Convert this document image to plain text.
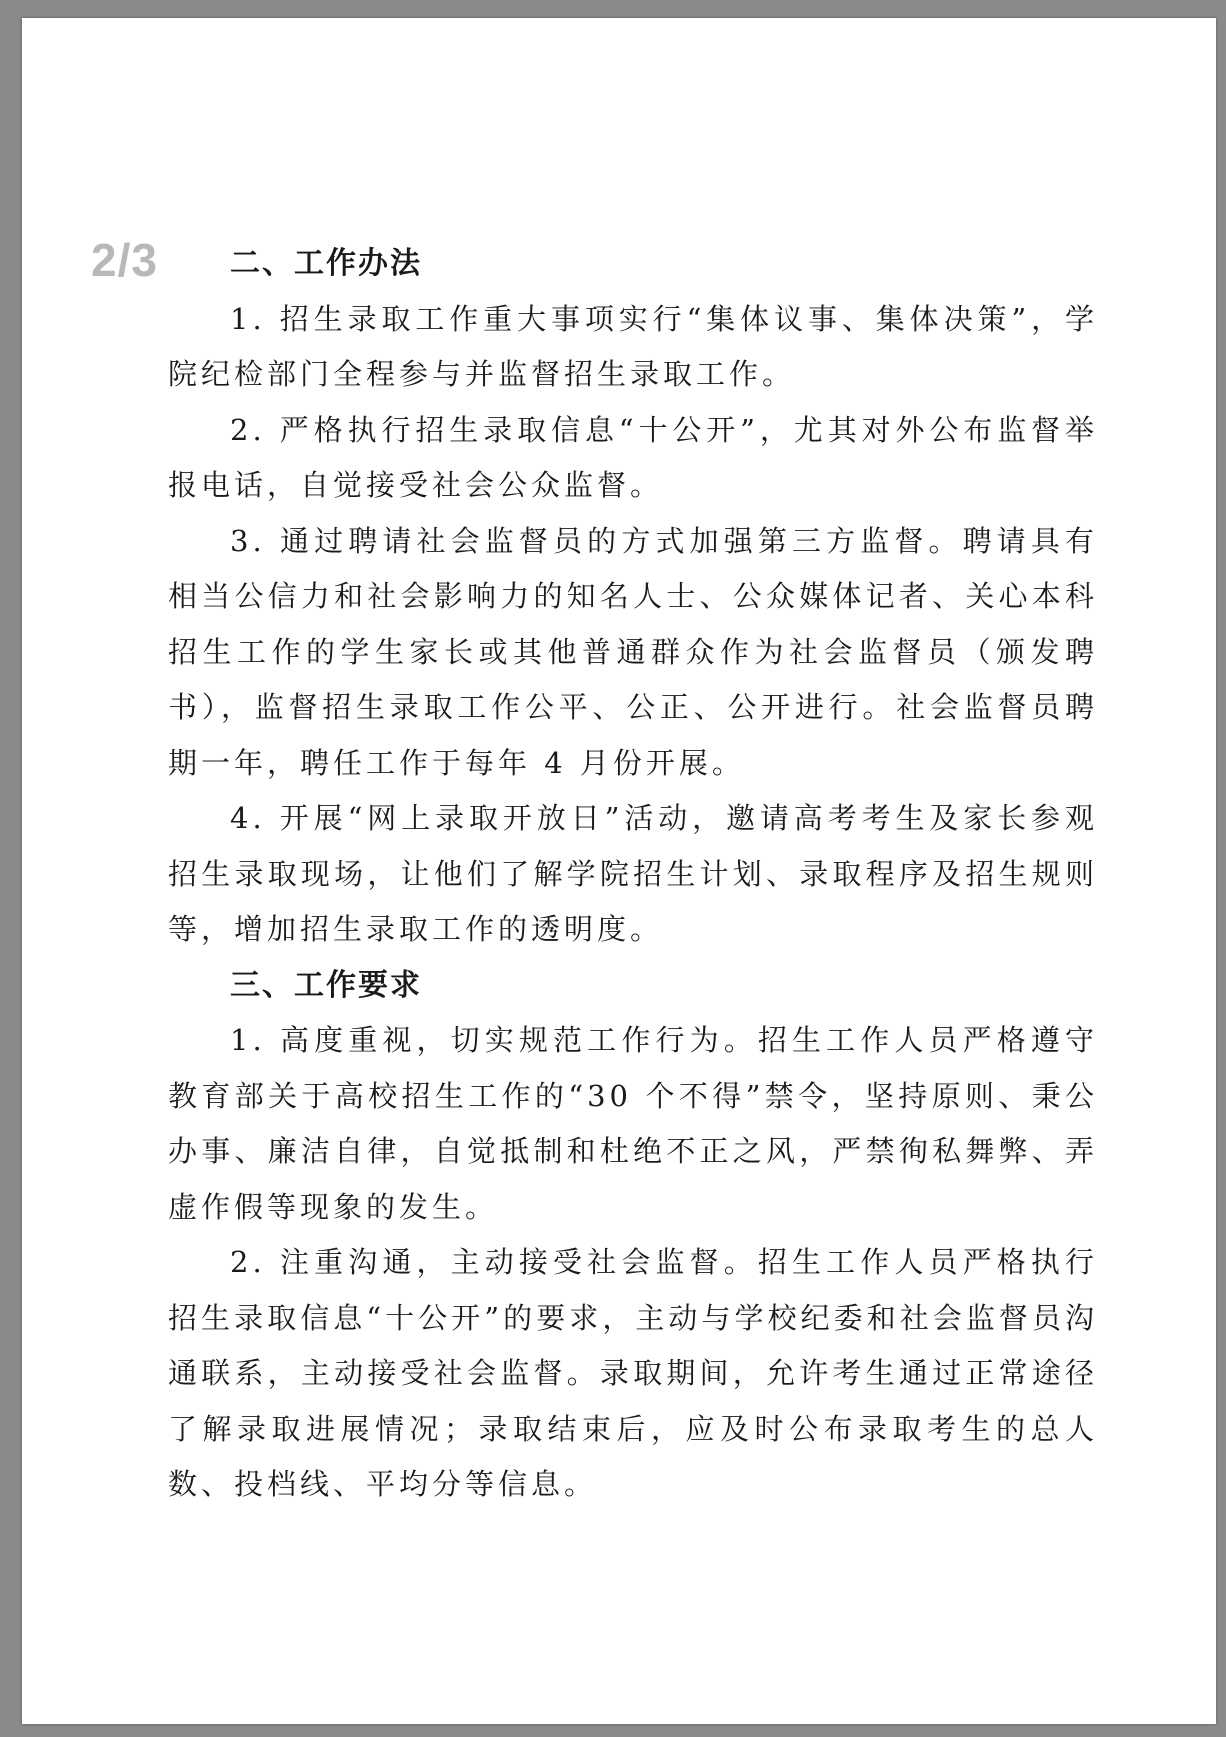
2/3 二、工作办法

1. 招生录取工作重大事项实行“集体议事、集体决策”，学院纪检部门全程参与并监督招生录取工作。

2. 严格执行招生录取信息“十公开”，尤其对外公布监督举报电话，自觉接受社会公众监督。

3. 通过聘请社会监督员的方式加强第三方监督。聘请具有相当公信力和社会影响力的知名人士、公众媒体记者、关心本科招生工作的学生家长或其他普通群众作为社会监督员（颁发聘书），监督招生录取工作公平、公正、公开进行。社会监督员聘期一年，聘任工作于每年 4 月份开展。

4. 开展“网上录取开放日”活动，邀请高考考生及家长参观招生录取现场，让他们了解学院招生计划、录取程序及招生规则等，增加招生录取工作的透明度。

三、工作要求

1. 高度重视，切实规范工作行为。招生工作人员严格遵守教育部关于高校招生工作的“30 个不得”禁令，坚持原则、秉公办事、廉洁自律，自觉抵制和杜绝不正之风，严禁徇私舞弊、弄虚作假等现象的发生。

2. 注重沟通，主动接受社会监督。招生工作人员严格执行招生录取信息“十公开”的要求，主动与学校纪委和社会监督员沟通联系，主动接受社会监督。录取期间，允许考生通过正常途径了解录取进展情况；录取结束后，应及时公布录取考生的总人数、投档线、平均分等信息。
